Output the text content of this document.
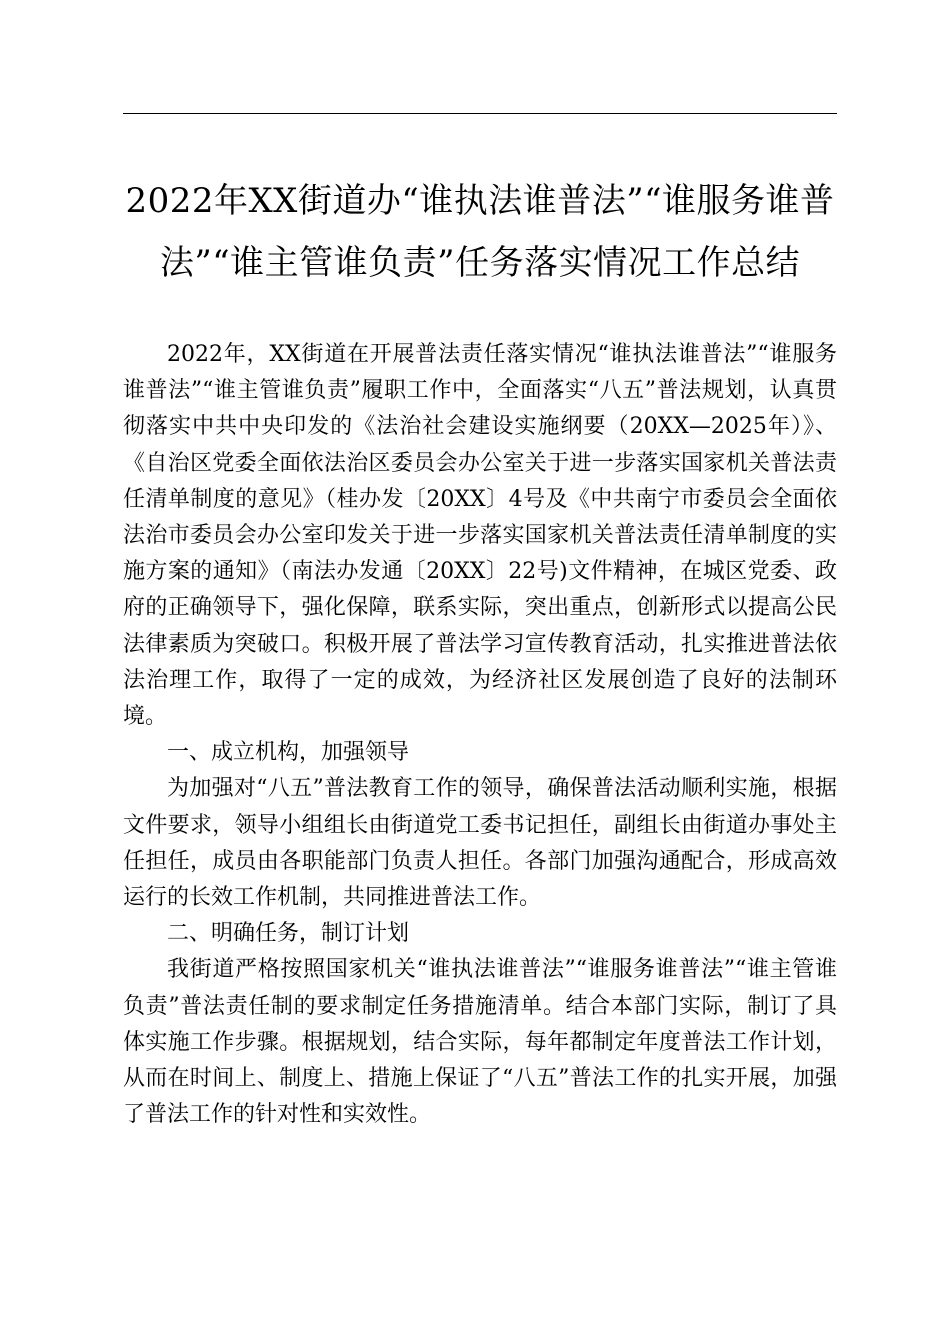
2022年XX街道办“谁执法谁普法”“谁服务谁普法”“谁主管谁负责”任务落实情况工作总结

2022年，XX街道在开展普法责任落实情况“谁执法谁普法”“谁服务谁普法”“谁主管谁负责”履职工作中，全面落实“八五”普法规划，认真贯彻落实中共中央印发的《法治社会建设实施纲要（20XX—2025年）》、《自治区党委全面依法治区委员会办公室关于进一步落实国家机关普法责任清单制度的意见》（桂办发〔20XX〕4号及《中共南宁市委员会全面依法治市委员会办公室印发关于进一步落实国家机关普法责任清单制度的实施方案的通知》（南法办发通〔20XX〕22号)文件精神，在城区党委、政府的正确领导下，强化保障，联系实际，突出重点，创新形式以提高公民法律素质为突破口。积极开展了普法学习宣传教育活动，扎实推进普法依法治理工作，取得了一定的成效，为经济社区发展创造了良好的法制环境。

一、成立机构，加强领导

为加强对“八五”普法教育工作的领导，确保普法活动顺利实施，根据文件要求，领导小组组长由街道党工委书记担任，副组长由街道办事处主任担任，成员由各职能部门负责人担任。各部门加强沟通配合，形成高效运行的长效工作机制，共同推进普法工作。

二、明确任务，制订计划

我街道严格按照国家机关“谁执法谁普法”“谁服务谁普法”“谁主管谁负责”普法责任制的要求制定任务措施清单。结合本部门实际，制订了具体实施工作步骤。根据规划，结合实际，每年都制定年度普法工作计划，从而在时间上、制度上、措施上保证了“八五”普法工作的扎实开展，加强了普法工作的针对性和实效性。
